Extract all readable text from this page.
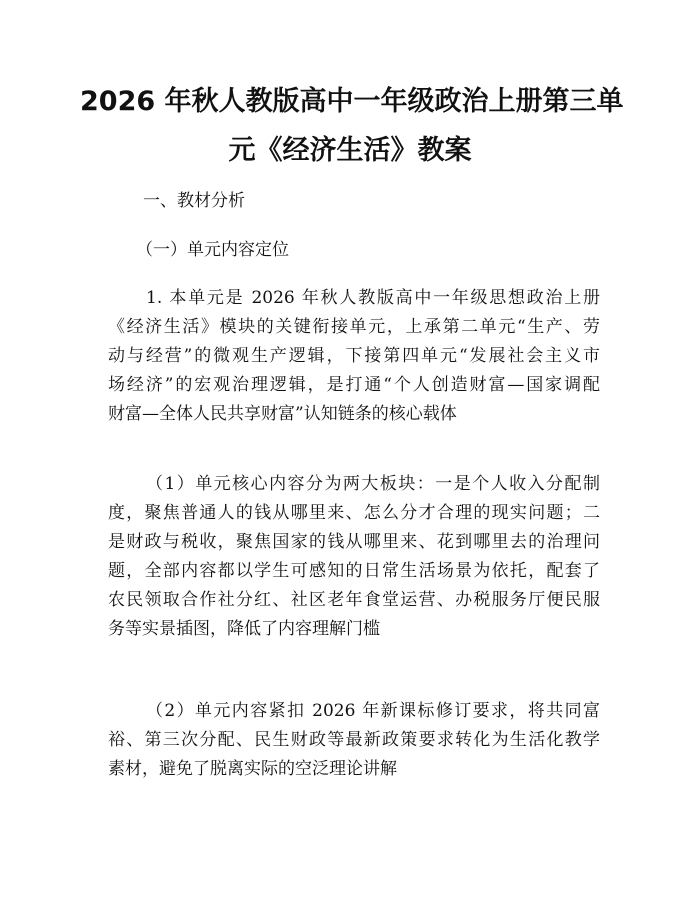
2026 年秋人教版高中一年级政治上册第三单
元《经济生活》教案

一、教材分析

（一）单元内容定位

1. 本单元是 2026 年秋人教版高中一年级思想政治上册
《经济生活》模块的关键衔接单元，上承第二单元“生产、劳
动与经营”的微观生产逻辑，下接第四单元“发展社会主义市
场经济”的宏观治理逻辑，是打通“个人创造财富—国家调配
财富—全体人民共享财富”认知链条的核心载体
（1）单元核心内容分为两大板块：一是个人收入分配制
度，聚焦普通人的钱从哪里来、怎么分才合理的现实问题；二
是财政与税收，聚焦国家的钱从哪里来、花到哪里去的治理问
题，全部内容都以学生可感知的日常生活场景为依托，配套了
农民领取合作社分红、社区老年食堂运营、办税服务厅便民服
务等实景插图，降低了内容理解门槛
（2）单元内容紧扣 2026 年新课标修订要求，将共同富
裕、第三次分配、民生财政等最新政策要求转化为生活化教学
素材，避免了脱离实际的空泛理论讲解
